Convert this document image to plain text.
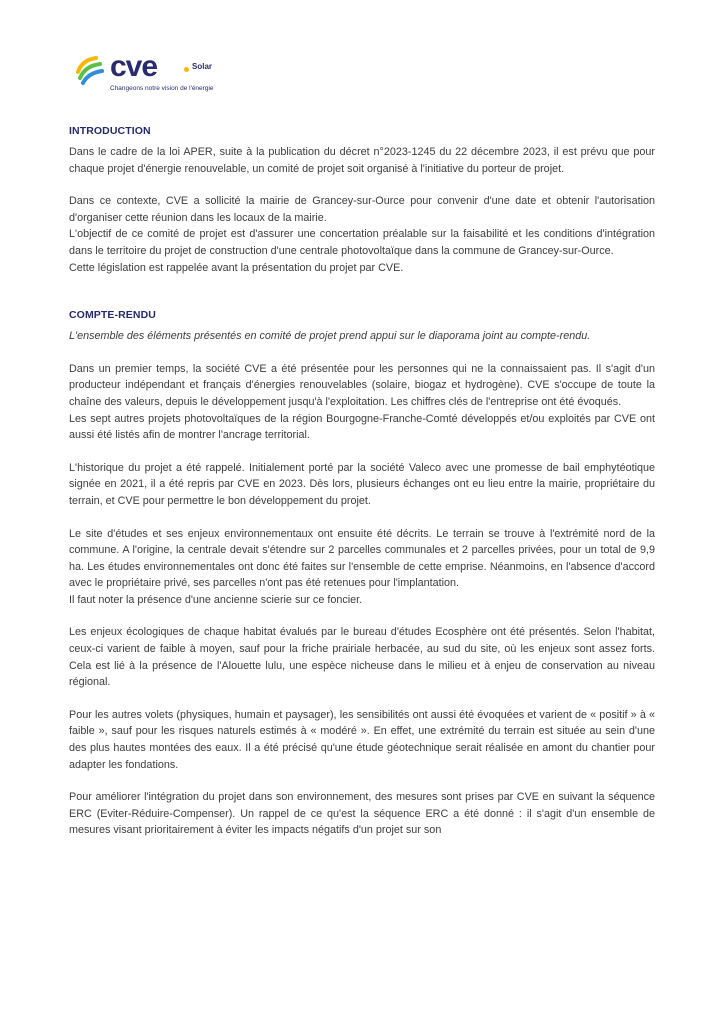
cve	Solar
Changeons notre vision de l'énergie
INTRODUCTION

Dans le cadre de la loi APER, suite à la publication du décret n°2023-1245 du 22 décembre 2023, il est prévu que pour chaque projet d'énergie renouvelable, un comité de projet soit organisé à l'initiative du porteur de projet.

Dans ce contexte, CVE a sollicité la mairie de Grancey-sur-Ource pour convenir d'une date et obtenir l'autorisation d'organiser cette réunion dans les locaux de la mairie.

L'objectif de ce comité de projet est d'assurer une concertation préalable sur la faisabilité et les conditions d'intégration dans le territoire du projet de construction d'une centrale photovoltaïque dans la commune de Grancey-sur-Ource.

Cette législation est rappelée avant la présentation du projet par CVE.

COMPTE-RENDU

L'ensemble des éléments présentés en comité de projet prend appui sur le diaporama joint au compte-rendu.

Dans un premier temps, la société CVE a été présentée pour les personnes qui ne la connaissaient pas. Il s'agit d'un producteur indépendant et français d'énergies renouvelables (solaire, biogaz et hydrogène). CVE s'occupe de toute la chaîne des valeurs, depuis le développement jusqu'à l'exploitation. Les chiffres clés de l'entreprise ont été évoqués.

Les sept autres projets photovoltaïques de la région Bourgogne-Franche-Comté développés et/ou exploités par CVE ont aussi été listés afin de montrer l'ancrage territorial.

L'historique du projet a été rappelé. Initialement porté par la société Valeco avec une promesse de bail emphytéotique signée en 2021, il a été repris par CVE en 2023. Dès lors, plusieurs échanges ont eu lieu entre la mairie, propriétaire du terrain, et CVE pour permettre le bon développement du projet.

Le site d'études et ses enjeux environnementaux ont ensuite été décrits. Le terrain se trouve à l'extrémité nord de la commune. A l'origine, la centrale devait s'étendre sur 2 parcelles communales et 2 parcelles privées, pour un total de 9,9 ha. Les études environnementales ont donc été faites sur l'ensemble de cette emprise. Néanmoins, en l'absence d'accord avec le propriétaire privé, ses parcelles n'ont pas été retenues pour l'implantation.

Il faut noter la présence d'une ancienne scierie sur ce foncier.

Les enjeux écologiques de chaque habitat évalués par le bureau d'études Ecosphère ont été présentés. Selon l'habitat, ceux-ci varient de faible à moyen, sauf pour la friche prairiale herbacée, au sud du site, où les enjeux sont assez forts. Cela est lié à la présence de l'Alouette lulu, une espèce nicheuse dans le milieu et à enjeu de conservation au niveau régional.

Pour les autres volets (physiques, humain et paysager), les sensibilités ont aussi été évoquées et varient de « positif » à « faible », sauf pour les risques naturels estimés à « modéré ». En effet, une extrémité du terrain est située au sein d'une des plus hautes montées des eaux. Il a été précisé qu'une étude géotechnique serait réalisée en amont du chantier pour adapter les fondations.

Pour améliorer l'intégration du projet dans son environnement, des mesures sont prises par CVE en suivant la séquence ERC (Eviter-Réduire-Compenser). Un rappel de ce qu'est la séquence ERC a été donné : il s'agit d'un ensemble de mesures visant prioritairement à éviter les impacts négatifs d'un projet sur son
